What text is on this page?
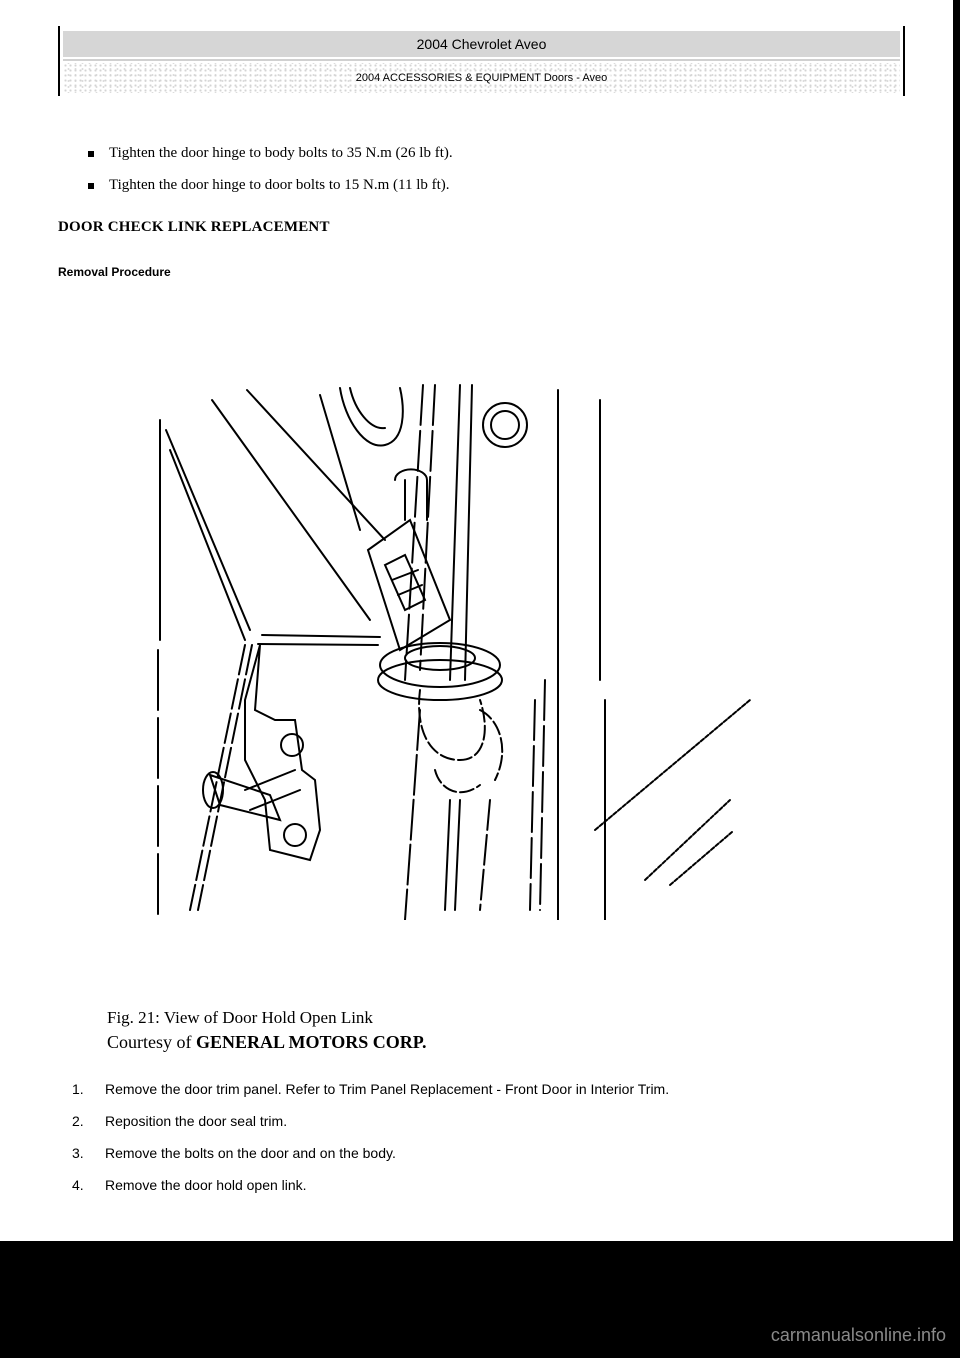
2004 Chevrolet Aveo
2004 ACCESSORIES & EQUIPMENT Doors - Aveo
Tighten the door hinge to body bolts to 35 N.m (26 lb ft).
Tighten the door hinge to door bolts to 15 N.m (11 lb ft).
DOOR CHECK LINK REPLACEMENT
Removal Procedure
Fig. 21: View of Door Hold Open Link
Courtesy of GENERAL MOTORS CORP.
1. Remove the door trim panel. Refer to Trim Panel Replacement - Front Door in Interior Trim.
2. Reposition the door seal trim.
3. Remove the bolts on the door and on the body.
4. Remove the door hold open link.
carmanualsonline.info
